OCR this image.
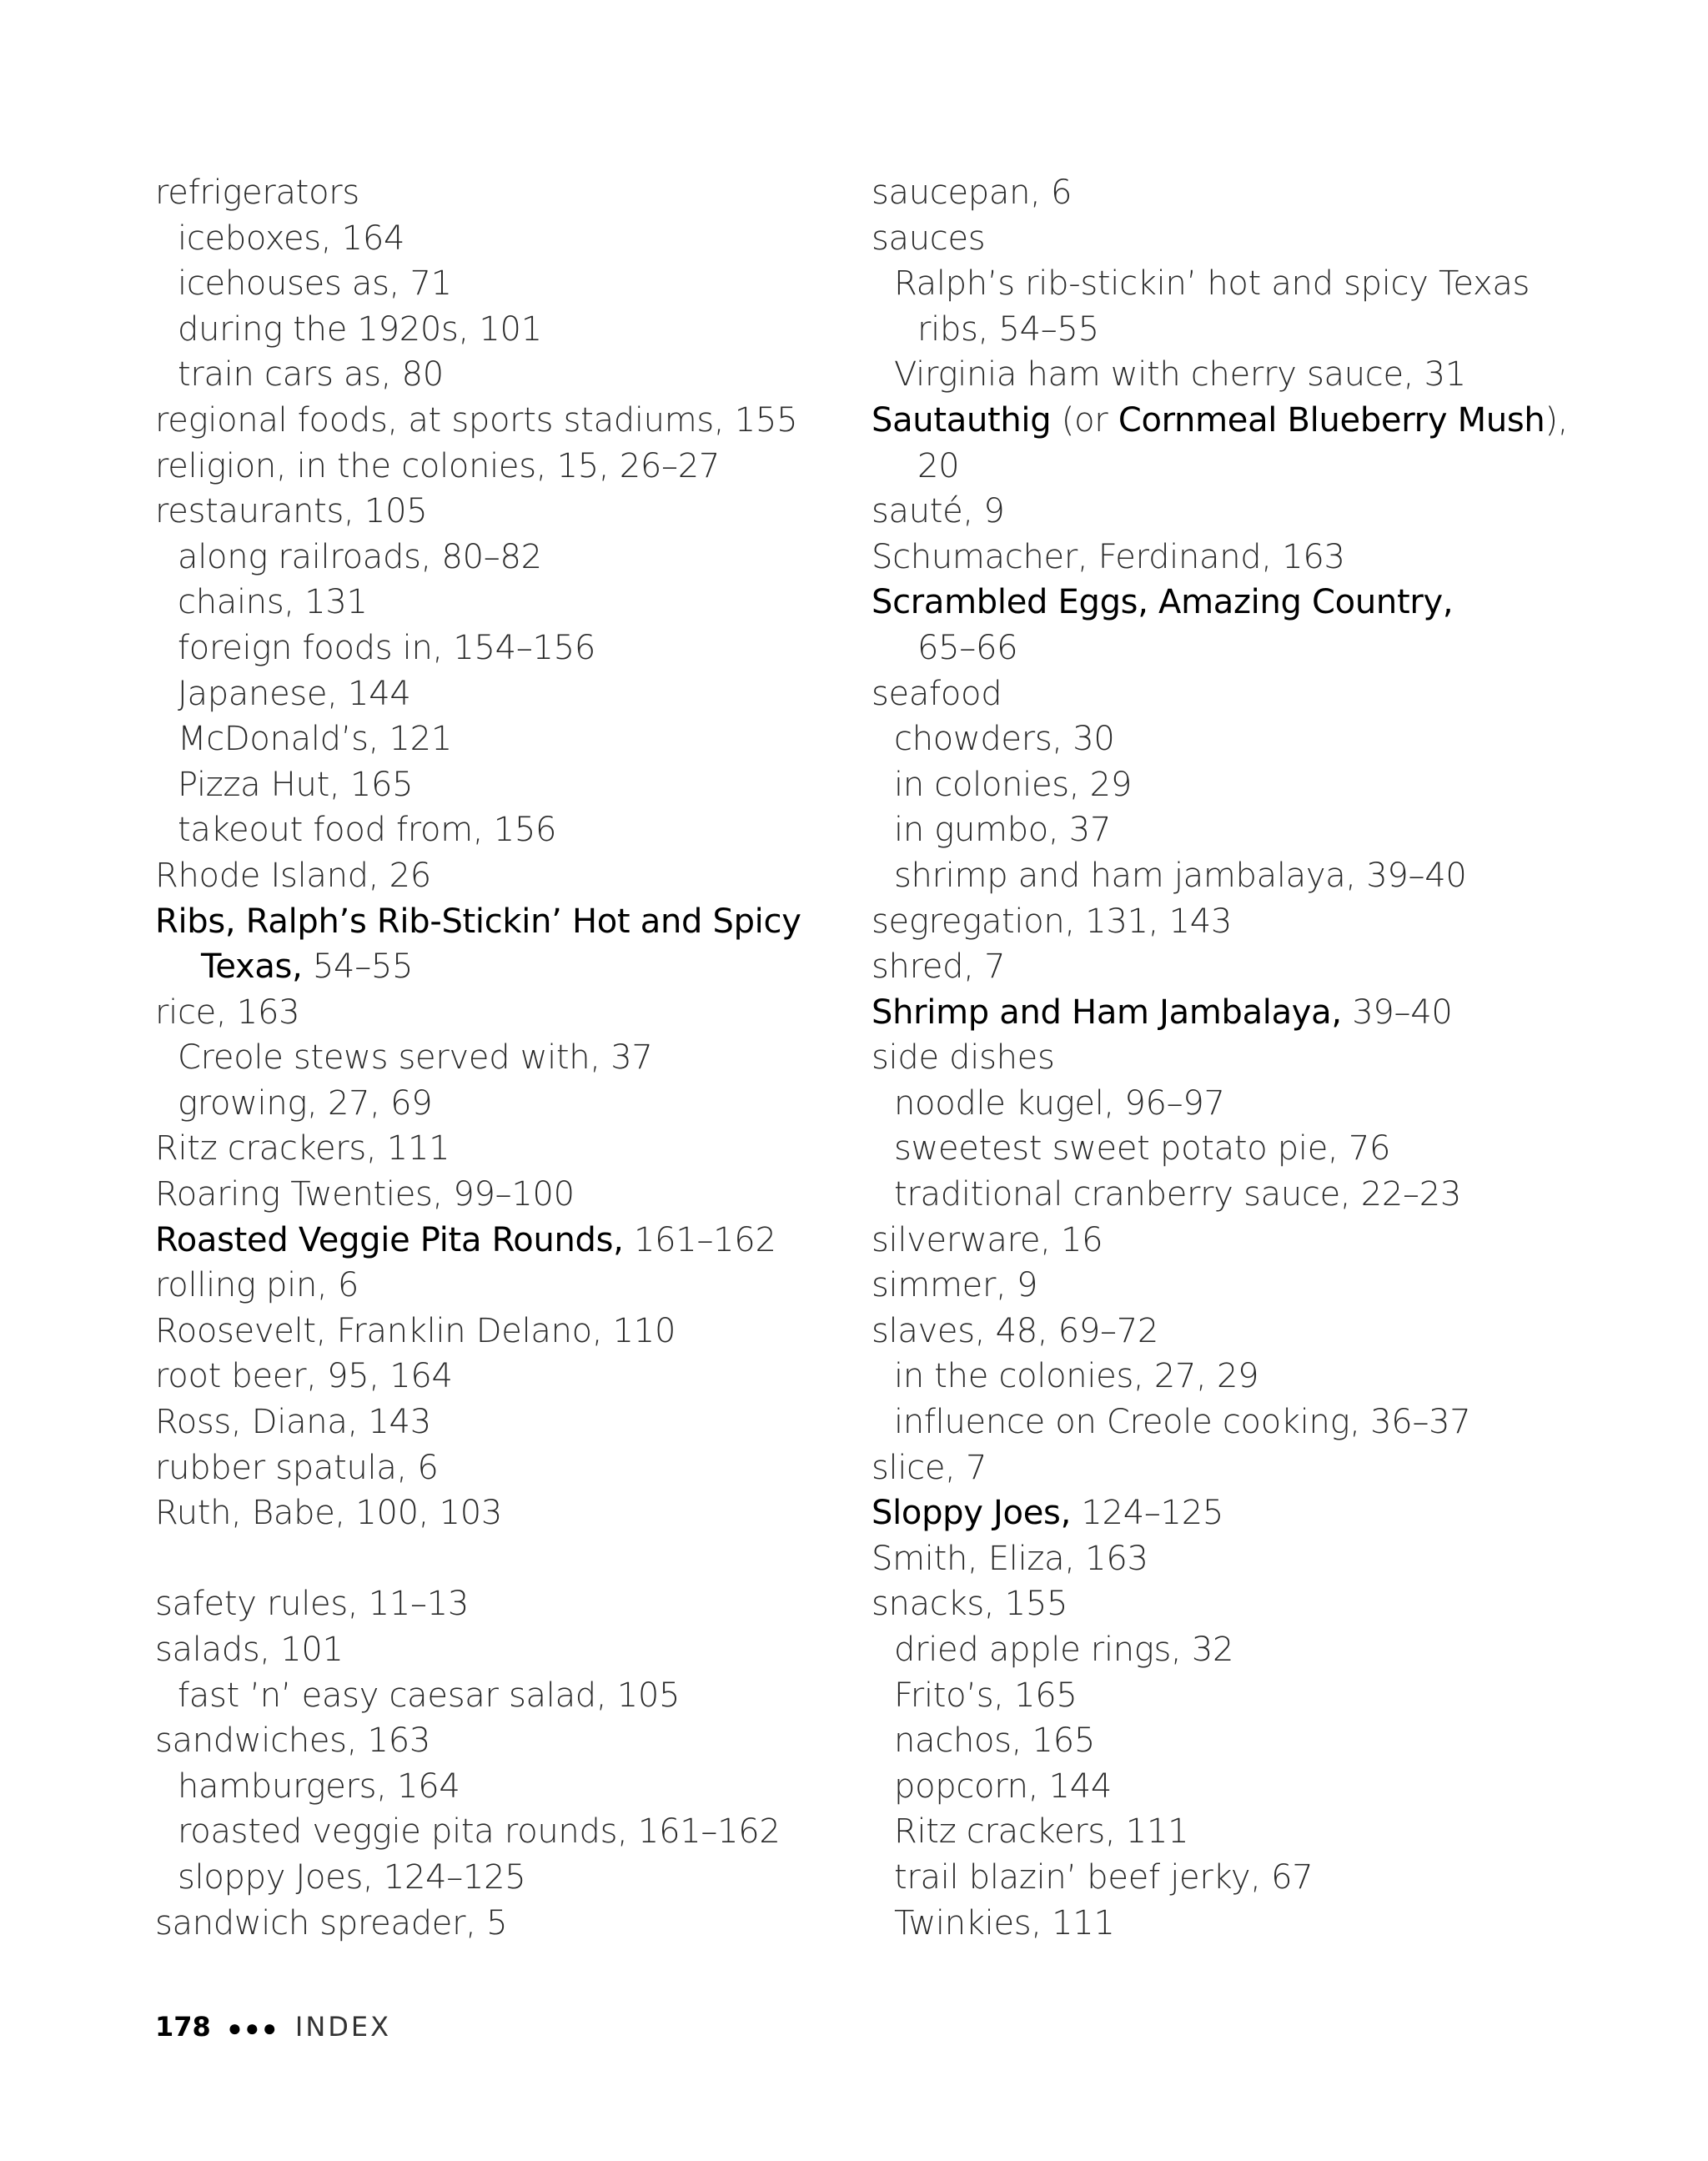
refrigerators
iceboxes, 164
icehouses as, 71
during the 1920s, 101
train cars as, 80
regional foods, at sports stadiums, 155
religion, in the colonies, 15, 26–27
restaurants, 105
along railroads, 80–82
chains, 131
foreign foods in, 154–156
Japanese, 144
McDonald’s, 121
Pizza Hut, 165
takeout food from, 156
Rhode Island, 26
Ribs, Ralph’s Rib-Stickin’ Hot and Spicy
Texas, 54–55
rice, 163
Creole stews served with, 37
growing, 27, 69
Ritz crackers, 111
Roaring Twenties, 99–100
Roasted Veggie Pita Rounds, 161–162
rolling pin, 6
Roosevelt, Franklin Delano, 110
root beer, 95, 164
Ross, Diana, 143
rubber spatula, 6
Ruth, Babe, 100, 103
safety rules, 11–13
salads, 101
fast ’n’ easy caesar salad, 105
sandwiches, 163
hamburgers, 164
roasted veggie pita rounds, 161–162
sloppy Joes, 124–125
sandwich spreader, 5
saucepan, 6
sauces
Ralph’s rib-stickin’ hot and spicy Texas
ribs, 54–55
Virginia ham with cherry sauce, 31
Sautauthig (or Cornmeal Blueberry Mush),
20
sauté, 9
Schumacher, Ferdinand, 163
Scrambled Eggs, Amazing Country,
65–66
seafood
chowders, 30
in colonies, 29
in gumbo, 37
shrimp and ham jambalaya, 39–40
segregation, 131, 143
shred, 7
Shrimp and Ham Jambalaya, 39–40
side dishes
noodle kugel, 96–97
sweetest sweet potato pie, 76
traditional cranberry sauce, 22–23
silverware, 16
simmer, 9
slaves, 48, 69–72
in the colonies, 27, 29
influence on Creole cooking, 36–37
slice, 7
Sloppy Joes, 124–125
Smith, Eliza, 163
snacks, 155
dried apple rings, 32
Frito’s, 165
nachos, 165
popcorn, 144
Ritz crackers, 111
trail blazin’ beef jerky, 67
Twinkies, 111
178 ●●● INDEX
